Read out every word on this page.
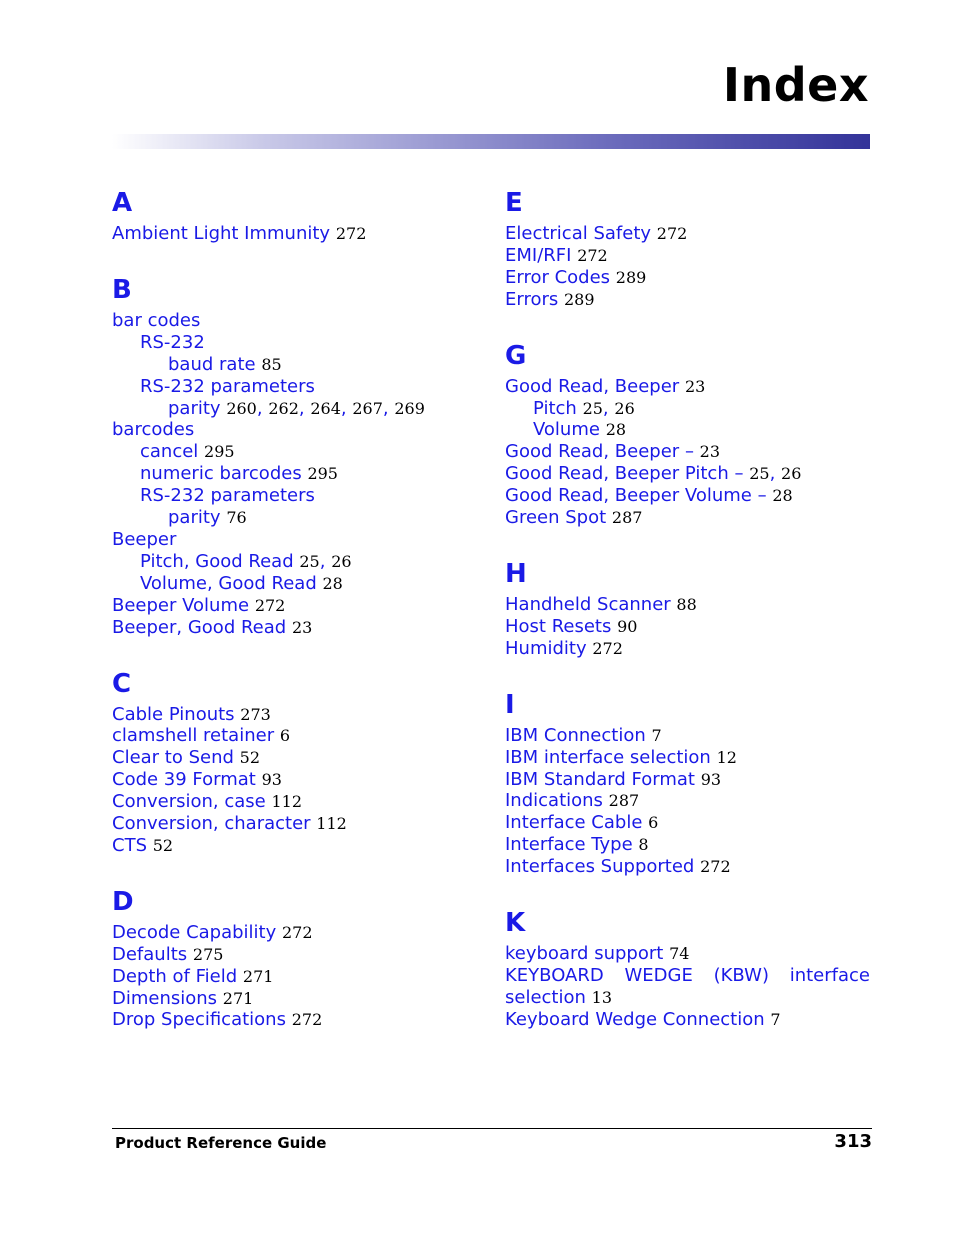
Index
A
Ambient Light Immunity 272
B
bar codes
RS-232
baud rate 85
RS-232 parameters
parity 260, 262, 264, 267, 269
barcodes
cancel 295
numeric barcodes 295
RS-232 parameters
parity 76
Beeper
Pitch, Good Read 25, 26
Volume, Good Read 28
Beeper Volume 272
Beeper, Good Read 23
C
Cable Pinouts 273
clamshell retainer 6
Clear to Send 52
Code 39 Format 93
Conversion, case 112
Conversion, character 112
CTS 52
D
Decode Capability 272
Defaults 275
Depth of Field 271
Dimensions 271
Drop Specifications 272
E
Electrical Safety 272
EMI/RFI 272
Error Codes 289
Errors 289
G
Good Read, Beeper 23
Pitch 25, 26
Volume 28
Good Read, Beeper – 23
Good Read, Beeper Pitch – 25, 26
Good Read, Beeper Volume – 28
Green Spot 287
H
Handheld Scanner 88
Host Resets 90
Humidity 272
I
IBM Connection 7
IBM interface selection 12
IBM Standard Format 93
Indications 287
Interface Cable 6
Interface Type 8
Interfaces Supported 272
K
keyboard support 74
KEYBOARD WEDGE (KBW) interface
selection 13
Keyboard Wedge Connection 7
Product Reference Guide	313
